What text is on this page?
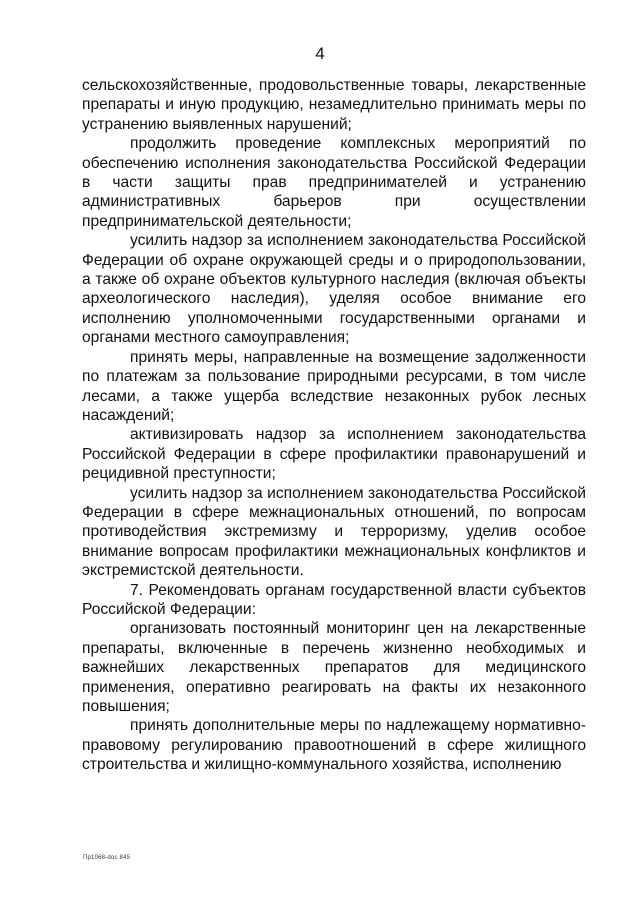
4

сельскохозяйственные, продовольственные товары, лекарственные препараты и иную продукцию, незамедлительно принимать меры по устранению выявленных нарушений;

продолжить проведение комплексных мероприятий по обеспечению исполнения законодательства Российской Федерации в части защиты прав предпринимателей и устранению административных барьеров при осуществлении предпринимательской деятельности;

усилить надзор за исполнением законодательства Российской Федерации об охране окружающей среды и о природопользовании, а также об охране объектов культурного наследия (включая объекты археологического наследия), уделяя особое внимание его исполнению уполномоченными государственными органами и органами местного самоуправления;

принять меры, направленные на возмещение задолженности по платежам за пользование природными ресурсами, в том числе лесами, а также ущерба вследствие незаконных рубок лесных насаждений;

активизировать надзор за исполнением законодательства Российской Федерации в сфере профилактики правонарушений и рецидивной преступности;

усилить надзор за исполнением законодательства Российской Федерации в сфере межнациональных отношений, по вопросам противодействия экстремизму и терроризму, уделив особое внимание вопросам профилактики межнациональных конфликтов и экстремистской деятельности.

7. Рекомендовать органам государственной власти субъектов Российской Федерации:

организовать постоянный мониторинг цен на лекарственные препараты, включенные в перечень жизненно необходимых и важнейших лекарственных препаратов для медицинского применения, оперативно реагировать на факты их незаконного повышения;

принять дополнительные меры по надлежащему нормативно-правовому регулированию правоотношений в сфере жилищного строительства и жилищно-коммунального хозяйства, исполнению

Пр1068-doc 845
